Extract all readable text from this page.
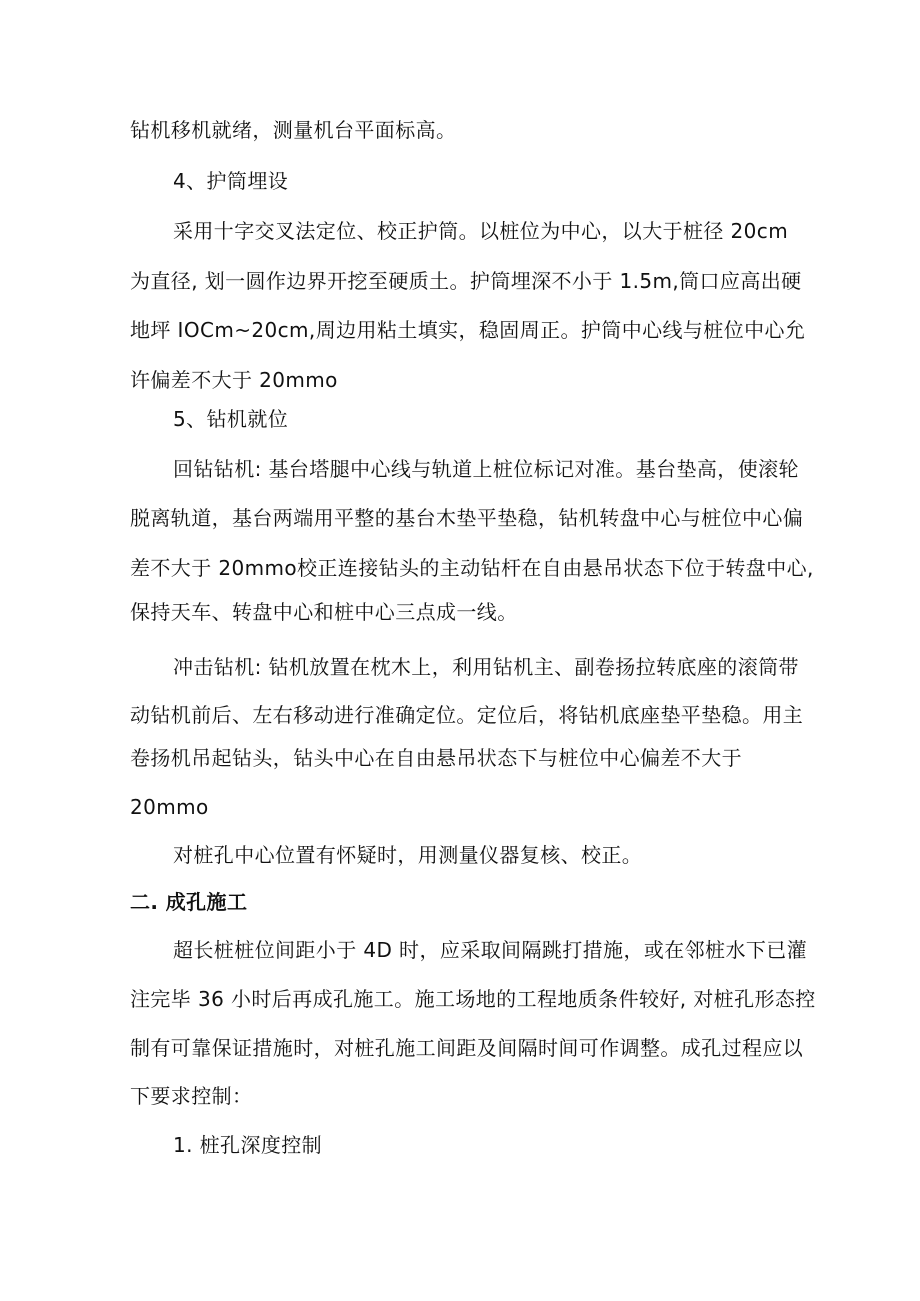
钻机移机就绪，测量机台平面标高。
4、护筒埋设
采用十字交叉法定位、校正护筒。以桩位为中心，以大于桩径 20cm
为直径, 划一圆作边界开挖至硬质土。护筒埋深不小于 1.5m,筒口应高出硬
地坪 IOCm~20cm,周边用粘土填实，稳固周正。护筒中心线与桩位中心允
许偏差不大于 20mmo
5、钻机就位
回钻钻机: 基台塔腿中心线与轨道上桩位标记对准。基台垫高，使滚轮
脱离轨道，基台两端用平整的基台木垫平垫稳，钻机转盘中心与桩位中心偏
差不大于 20mmo校正连接钻头的主动钻杆在自由悬吊状态下位于转盘中心,
保持天车、转盘中心和桩中心三点成一线。
冲击钻机: 钻机放置在枕木上，利用钻机主、副卷扬拉转底座的滚筒带
动钻机前后、左右移动进行准确定位。定位后，将钻机底座垫平垫稳。用主
卷扬机吊起钻头，钻头中心在自由悬吊状态下与桩位中心偏差不大于
20mmo
对桩孔中心位置有怀疑时，用测量仪器复核、校正。
二. 成孔施工
超长桩桩位间距小于 4D 时，应采取间隔跳打措施，或在邻桩水下已灌
注完毕 36 小时后再成孔施工。施工场地的工程地质条件较好, 对桩孔形态控
制有可靠保证措施时，对桩孔施工间距及间隔时间可作调整。成孔过程应以
下要求控制：
1. 桩孔深度控制
